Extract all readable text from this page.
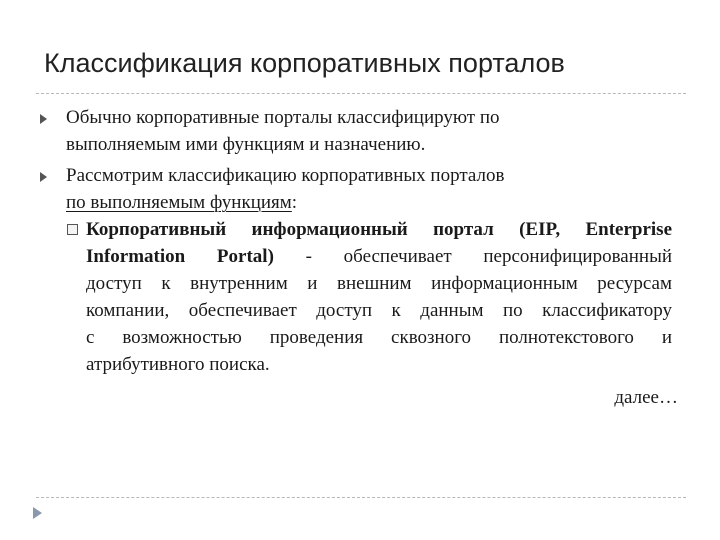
Классификация корпоративных порталов
Обычно корпоративные порталы классифицируют по
выполняемым ими функциям и назначению.
Рассмотрим классификацию корпоративных порталов
по выполняемым функциям:
Корпоративный информационный портал (EIP, Enterprise
Information Portal) - обеспечивает персонифицированный
доступ к внутренним и внешним информационным ресурсам
компании, обеспечивает доступ к данным по классификатору
с возможностью проведения сквозного полнотекстового и
атрибутивного поиска.
далее…
